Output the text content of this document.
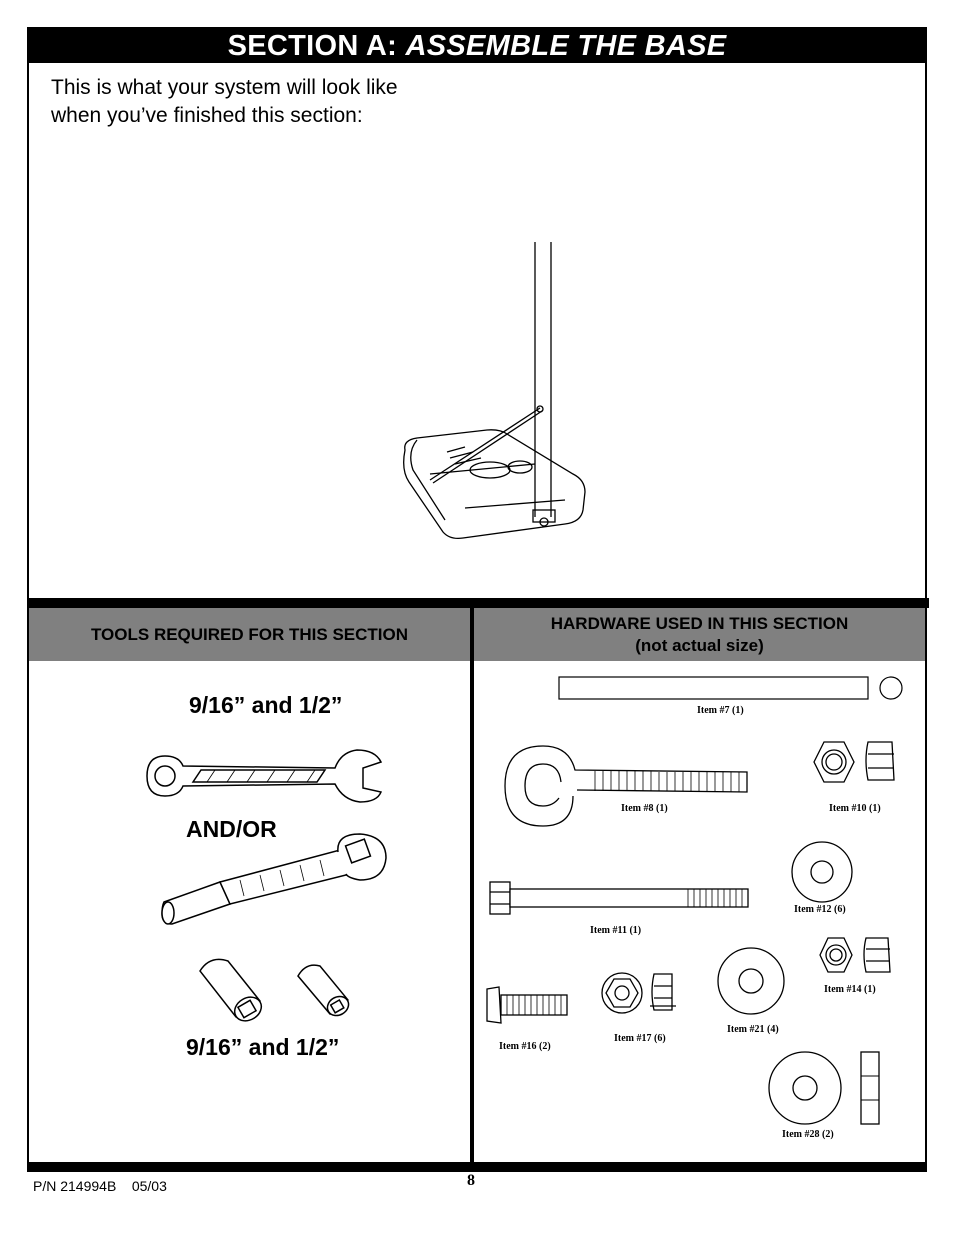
SECTION A: ASSEMBLE THE BASE
This is what your system will look like
when you’ve finished this section:
TOOLS REQUIRED FOR THIS SECTION
HARDWARE USED IN THIS SECTION
(not actual size)
9/16” and 1/2”
AND/OR
9/16” and 1/2”
Item #7 (1)
Item #8 (1)	Item #10 (1)
Item #12 (6)
Item #11 (1)
Item #14 (1)
Item #16 (2)
Item #17 (6)
Item #21 (4)
Item #28 (2)
P/N 214994B    05/03	8
